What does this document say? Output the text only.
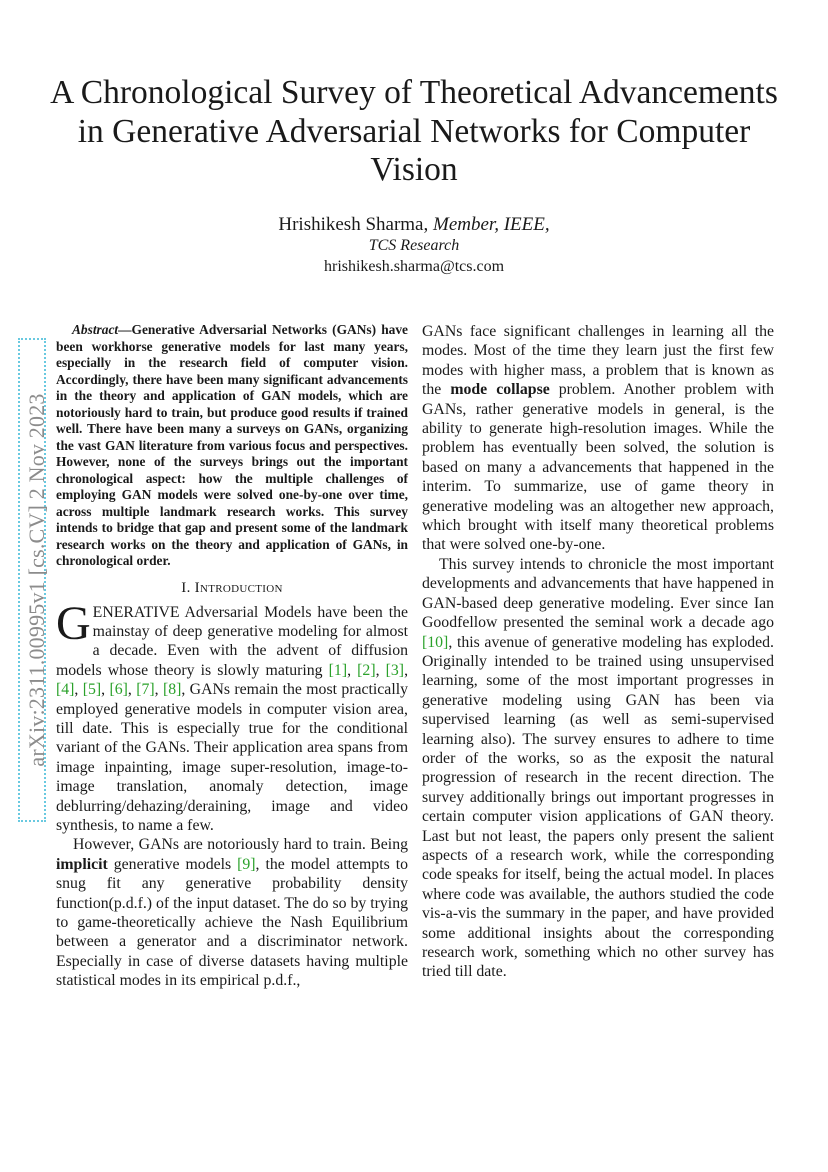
A Chronological Survey of Theoretical Advancements in Generative Adversarial Networks for Computer Vision
Hrishikesh Sharma, Member, IEEE,
TCS Research
hrishikesh.sharma@tcs.com
arXiv:2311.00995v1 [cs.CV] 2 Nov 2023

Abstract—Generative Adversarial Networks (GANs) have been workhorse generative models for last many years, especially in the research field of computer vision. Accordingly, there have been many significant advancements in the theory and application of GAN models, which are notoriously hard to train, but produce good results if trained well. There have been many a surveys on GANs, organizing the vast GAN literature from various focus and perspectives. However, none of the surveys brings out the important chronological aspect: how the multiple challenges of employing GAN models were solved one-by-one over time, across multiple landmark research works. This survey intends to bridge that gap and present some of the landmark research works on the theory and application of GANs, in chronological order.

I. Introduction

GENERATIVE Adversarial Models have been the mainstay of deep generative modeling for almost a decade. Even with the advent of diffusion models whose theory is slowly maturing [1], [2], [3], [4], [5], [6], [7], [8], GANs remain the most practically employed generative models in computer vision area, till date. This is especially true for the conditional variant of the GANs. Their application area spans from image inpainting, image super-resolution, image-to-image translation, anomaly detection, image deblurring/dehazing/deraining, image and video synthesis, to name a few.

However, GANs are notoriously hard to train. Being implicit generative models [9], the model attempts to snug fit any generative probability density function(p.d.f.) of the input dataset. The do so by trying to game-theoretically achieve the Nash Equilibrium between a generator and a discriminator network. Especially in case of diverse datasets having multiple statistical modes in its empirical p.d.f.,

GANs face significant challenges in learning all the modes. Most of the time they learn just the first few modes with higher mass, a problem that is known as the mode collapse problem. Another problem with GANs, rather generative models in general, is the ability to generate high-resolution images. While the problem has eventually been solved, the solution is based on many a advancements that happened in the interim. To summarize, use of game theory in generative modeling was an altogether new approach, which brought with itself many theoretical problems that were solved one-by-one.

This survey intends to chronicle the most important developments and advancements that have happened in GAN-based deep generative modeling. Ever since Ian Goodfellow presented the seminal work a decade ago [10], this avenue of generative modeling has exploded. Originally intended to be trained using unsupervised learning, some of the most important progresses in generative modeling using GAN has been via supervised learning (as well as semi-supervised learning also). The survey ensures to adhere to time order of the works, so as the exposit the natural progression of research in the recent direction. The survey additionally brings out important progresses in certain computer vision applications of GAN theory. Last but not least, the papers only present the salient aspects of a research work, while the corresponding code speaks for itself, being the actual model. In places where code was available, the authors studied the code vis-a-vis the summary in the paper, and have provided some additional insights about the corresponding research work, something which no other survey has tried till date.
